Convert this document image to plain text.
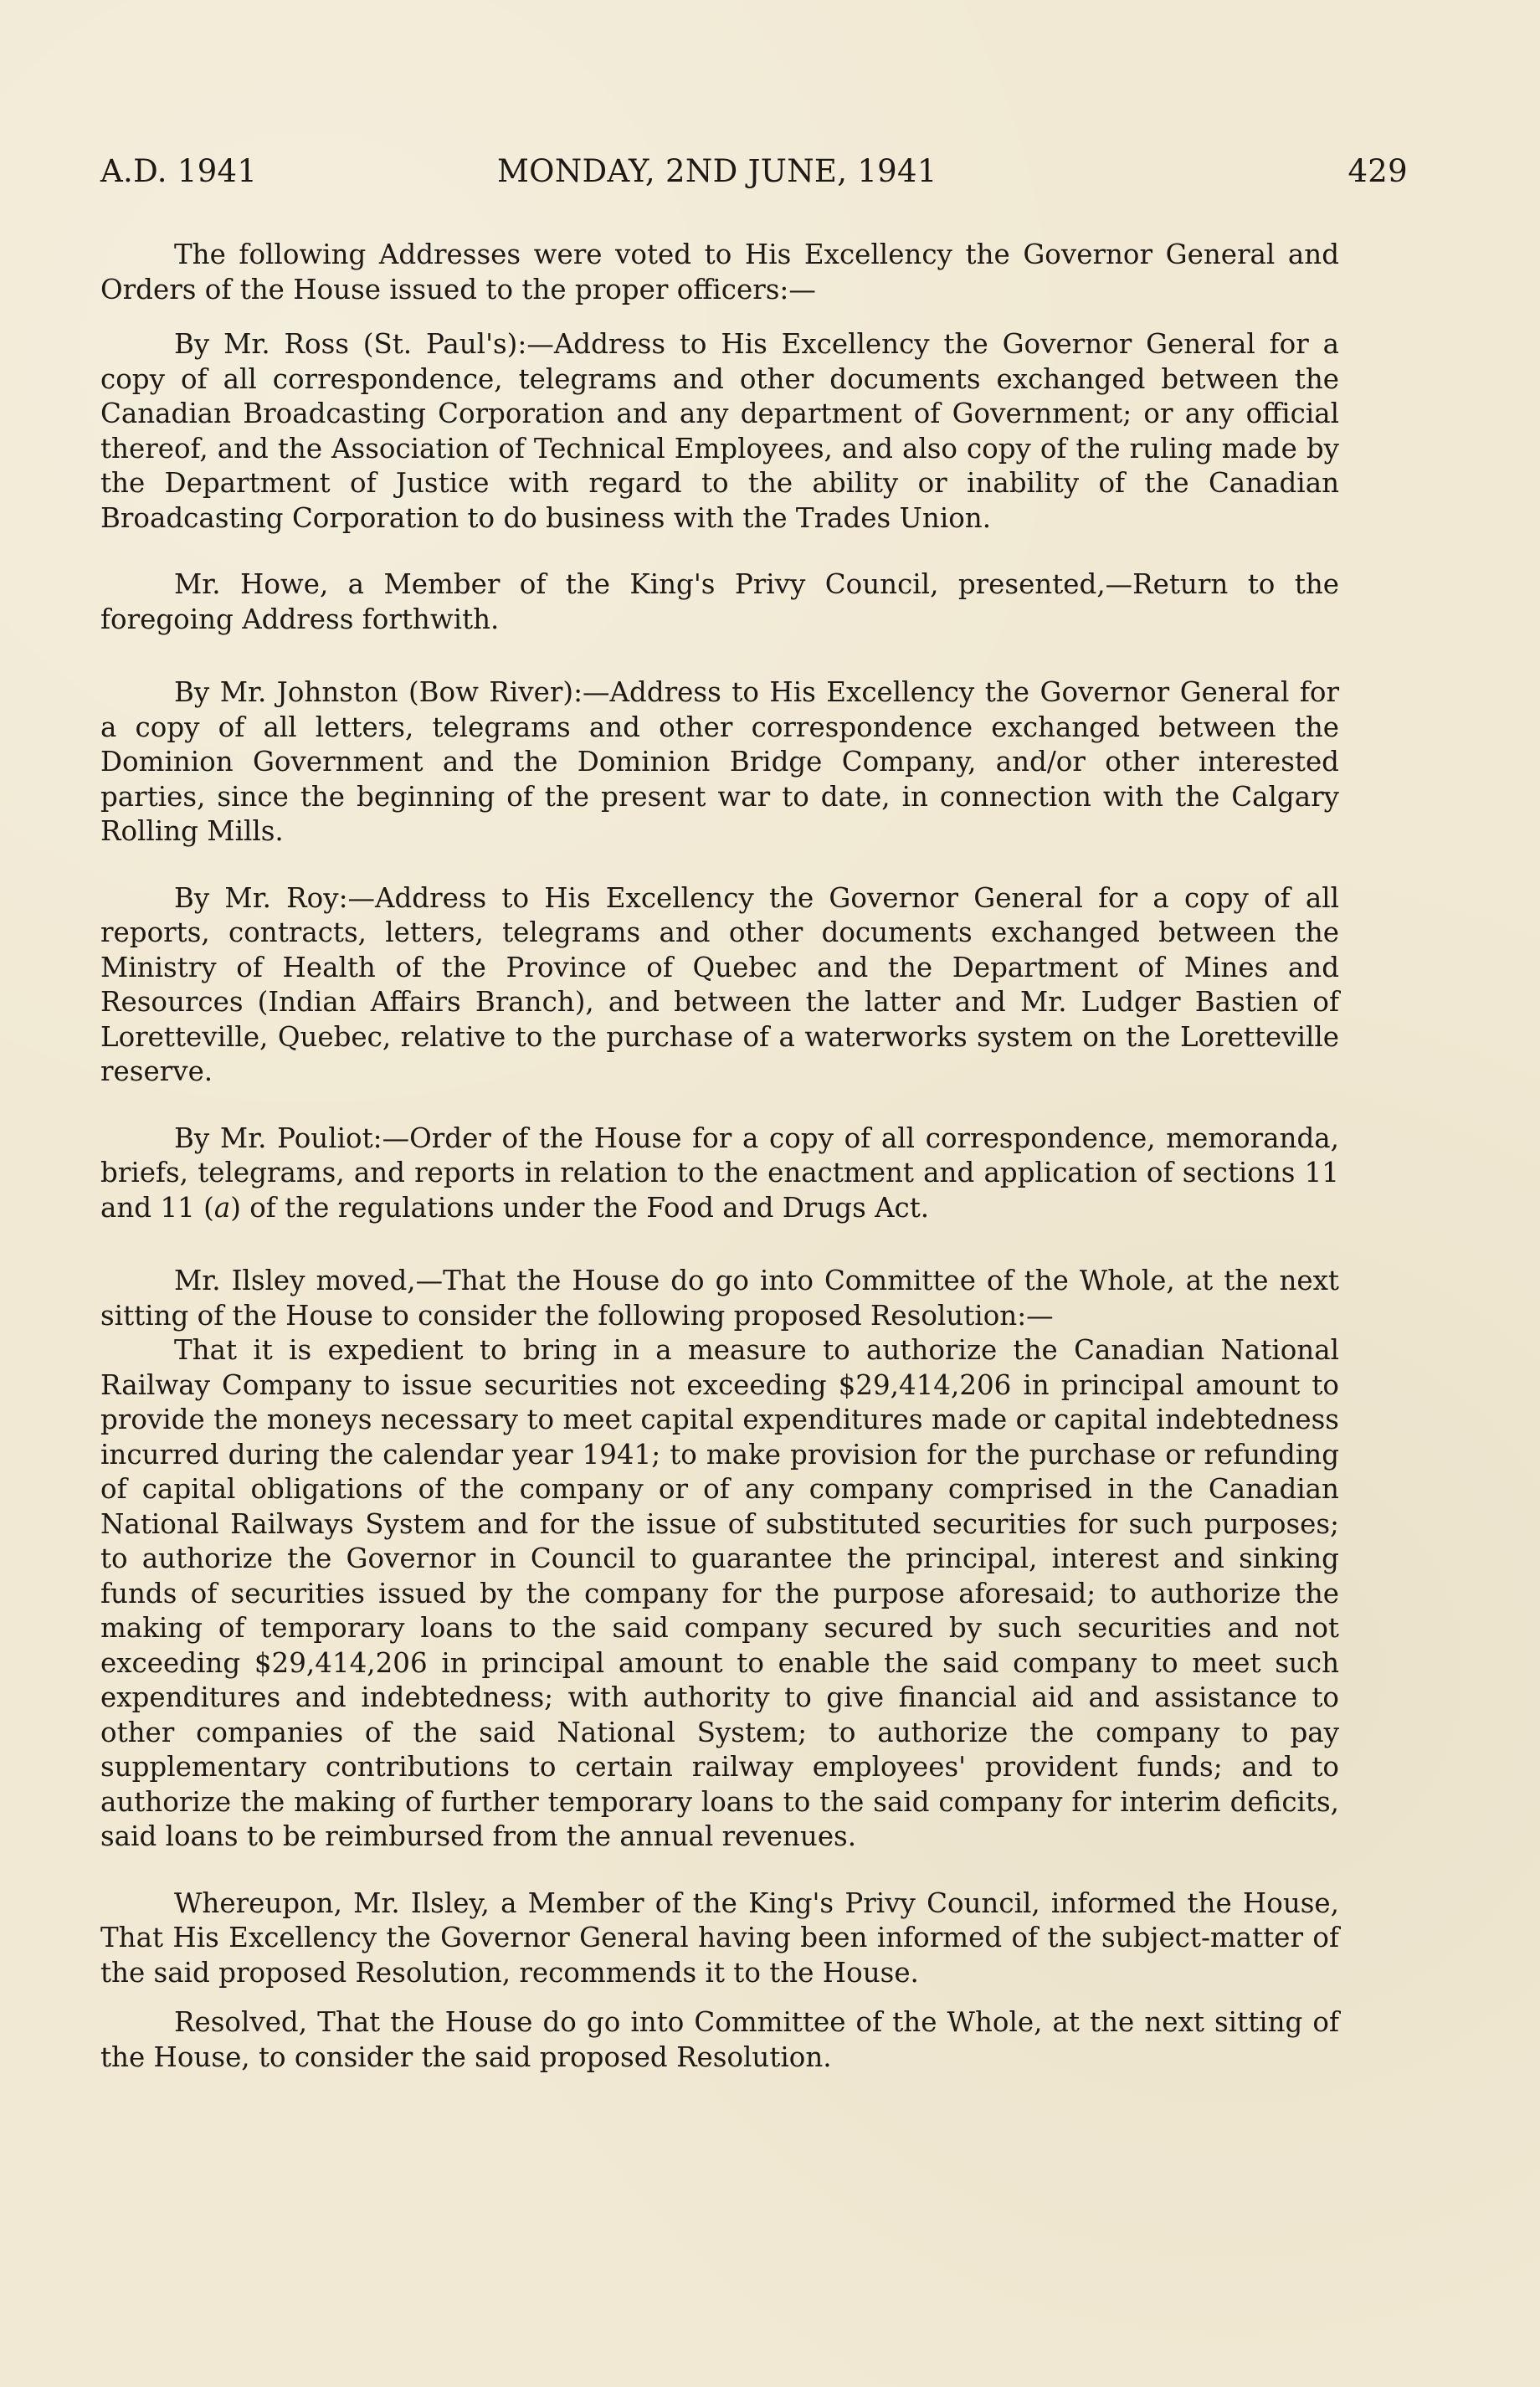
A.D. 1941	MONDAY, 2ND JUNE, 1941	429

The following Addresses were voted to His Excellency the Governor General and Orders of the House issued to the proper officers:—

By Mr. Ross (St. Paul's):—Address to His Excellency the Governor General for a copy of all correspondence, telegrams and other documents exchanged between the Canadian Broadcasting Corporation and any department of Government; or any official thereof, and the Association of Technical Employees, and also copy of the ruling made by the Department of Justice with regard to the ability or inability of the Canadian Broadcasting Corporation to do business with the Trades Union.

Mr. Howe, a Member of the King's Privy Council, presented,—Return to the foregoing Address forthwith.

By Mr. Johnston (Bow River):—Address to His Excellency the Governor General for a copy of all letters, telegrams and other correspondence exchanged between the Dominion Government and the Dominion Bridge Company, and/or other interested parties, since the beginning of the present war to date, in connection with the Calgary Rolling Mills.

By Mr. Roy:—Address to His Excellency the Governor General for a copy of all reports, contracts, letters, telegrams and other documents exchanged between the Ministry of Health of the Province of Quebec and the Department of Mines and Resources (Indian Affairs Branch), and between the latter and Mr. Ludger Bastien of Loretteville, Quebec, relative to the purchase of a waterworks system on the Loretteville reserve.

By Mr. Pouliot:—Order of the House for a copy of all correspondence, memoranda, briefs, telegrams, and reports in relation to the enactment and application of sections 11 and 11 (a) of the regulations under the Food and Drugs Act.

Mr. Ilsley moved,—That the House do go into Committee of the Whole, at the next sitting of the House to consider the following proposed Resolution:—

That it is expedient to bring in a measure to authorize the Canadian National Railway Company to issue securities not exceeding $29,414,206 in principal amount to provide the moneys necessary to meet capital expenditures made or capital indebtedness incurred during the calendar year 1941; to make provision for the purchase or refunding of capital obligations of the company or of any company comprised in the Canadian National Railways System and for the issue of substituted securities for such purposes; to authorize the Governor in Council to guarantee the principal, interest and sinking funds of securities issued by the company for the purpose aforesaid; to authorize the making of temporary loans to the said company secured by such securities and not exceeding $29,414,206 in principal amount to enable the said company to meet such expenditures and indebtedness; with authority to give financial aid and assistance to other companies of the said National System; to authorize the company to pay supplementary contributions to certain railway employees' provident funds; and to authorize the making of further temporary loans to the said company for interim deficits, said loans to be reimbursed from the annual revenues.

Whereupon, Mr. Ilsley, a Member of the King's Privy Council, informed the House, That His Excellency the Governor General having been informed of the subject-matter of the said proposed Resolution, recommends it to the House.

Resolved, That the House do go into Committee of the Whole, at the next sitting of the House, to consider the said proposed Resolution.
